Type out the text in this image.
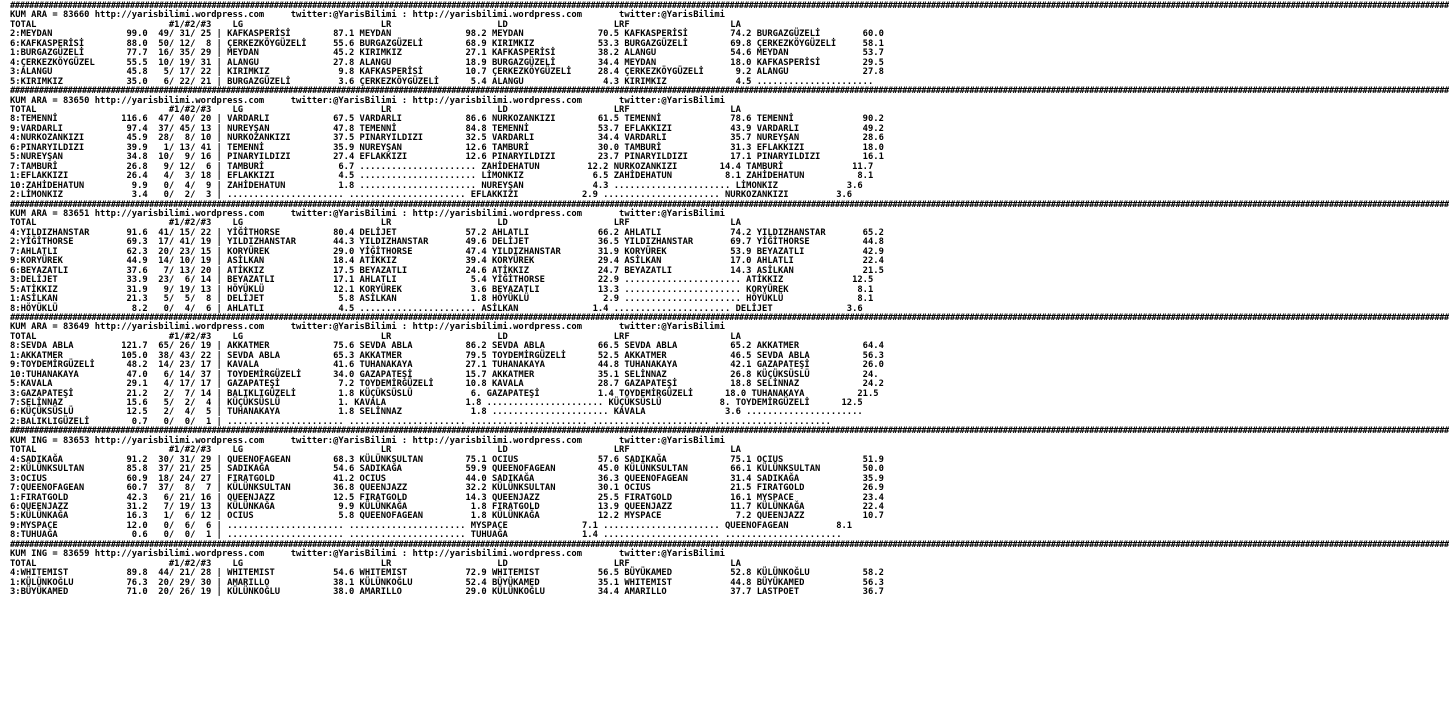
############################################################################################################################################################################################################################################################################################################
KUM ARA = 83660 http://yarisbilimi.wordpress.com     twitter:@YarisBilimi : http://yarisbilimi.wordpress.com       twitter:@YarisBilimi
TOTAL                         #1/#2/#3    LG                          LR                    LD                    LRF                   LA
2:MEYDAN              99.0  49/ 31/ 25 | KAFKASPERİSİ        87.1 MEYDAN              98.2 MEYDAN              70.5 KAFKASPERİSİ        74.2 BURGAZGÜZELİ        60.0
6:KAFKASPERİSİ        88.0  50/ 12/  8 | ÇERKEZKÖYGÜZELİ     55.6 BURGAZGÜZELİ        68.9 KIRIMKIZ            53.3 BURGAZGÜZELİ        69.8 ÇERKEZKÖYGÜZELİ     58.1
1:BURGAZGÜZELİ        77.7  16/ 35/ 29 | MEYDAN              45.2 KIRIMKIZ            27.1 KAFKASPERİSİ        38.2 ALANGU              54.6 MEYDAN              53.7
4:ÇERKEZKÖYGÜZEL      55.5  10/ 19/ 31 | ALANGU              27.8 ALANGU              18.9 BURGAZGÜZELİ        34.4 MEYDAN              18.0 KAFKASPERİSİ        29.5
3:ALANGU              45.8   5/ 17/ 22 | KIRIMKIZ             9.8 KAFKASPERİSİ        10.7 ÇERKEZKÖYGÜZELİ     28.4 ÇERKEZKÖYGÜZELİ      9.2 ALANGU              27.8
5:KIRIMKIZ            35.0   6/ 22/ 21 | BURGAZGÜZELİ         3.6 ÇERKEZKÖYGÜZELİ      5.4 ALANGU               4.3 KIRIMKIZ             4.5 ......................
############################################################################################################################################################################################################################################################################################################
KUM ARA = 83650 http://yarisbilimi.wordpress.com     twitter:@YarisBilimi : http://yarisbilimi.wordpress.com       twitter:@YarisBilimi
TOTAL                         #1/#2/#3    LG                          LR                    LD                    LRF                   LA
8:TEMENNİ            116.6  47/ 40/ 20 | VARDARLI            67.5 VARDARLI            86.6 NURKOZANKIZI        61.5 TEMENNİ             78.6 TEMENNİ             90.2
9:VARDARLI            97.4  37/ 45/ 13 | NUREYŞAN            47.8 TEMENNİ             84.8 TEMENNİ             53.7 EFLAKKIZI           43.9 VARDARLI            49.2
4:NURKOZANKIZI        45.9  28/  8/ 10 | NURKOZANKIZI        37.5 PINARYILDIZI        32.5 VARDARLI            34.4 VARDARLI            35.7 NUREYŞAN            28.6
6:PINARYILDIZI        39.9   1/ 13/ 41 | TEMENNİ             35.9 NUREYŞAN            12.6 TAMBURİ             30.0 TAMBURİ             31.3 EFLAKKIZI           18.0
5:NUREYŞAN            34.8  10/  9/ 16 | PINARYILDIZI        27.4 EFLAKKIZI           12.6 PINARYILDIZI        23.7 PINARYILDIZI        17.1 PINARYILDIZI        16.1
7:TAMBURİ             26.8   9/ 12/  6 | TAMBURİ              6.7 ...................... ZAHİDEHATUN         12.2 NURKOZANKIZI        14.4 TAMBURİ             11.7
1:EFLAKKIZI           26.4   4/  3/ 18 | EFLAKKIZI            4.5 ...................... LİMONKIZ             6.5 ZAHİDEHATUN          8.1 ZAHİDEHATUN          8.1
10:ZAHİDEHATUN         9.9   0/  4/  9 | ZAHİDEHATUN          1.8 ...................... NUREYŞAN             4.3 ...................... LİMONKIZ             3.6
2:LİMONKIZ             3.4   0/  2/  3 | ...................... ...................... EFLAKKIZI            2.9 ...................... NURKOZANKIZI         3.6
############################################################################################################################################################################################################################################################################################################
KUM ARA = 83651 http://yarisbilimi.wordpress.com     twitter:@YarisBilimi : http://yarisbilimi.wordpress.com       twitter:@YarisBilimi
TOTAL                         #1/#2/#3    LG                          LR                    LD                    LRF                   LA
4:YILDIZHANSTAR       91.6  41/ 15/ 22 | YİĞİTHORSE          80.4 DELİJET             57.2 AHLATLI             66.2 AHLATLI             74.2 YILDIZHANSTAR       65.2
2:YİĞİTHORSE          69.3  17/ 41/ 19 | YILDIZHANSTAR       44.3 YILDIZHANSTAR       49.6 DELİJET             36.5 YILDIZHANSTAR       69.7 YİĞİTHORSE          44.8
7:AHLATLI             62.3  20/ 23/ 15 | KORYÜREK            29.0 YİĞİTHORSE          47.4 YILDIZHANSTAR       31.9 KORYÜREK            53.9 BEYAZATLI           42.9
9:KORYÜREK            44.9  14/ 10/ 19 | ASİLKAN             18.4 ATİKKIZ             39.4 KORYÜREK            29.4 ASİLKAN             17.0 AHLATLI             22.4
6:BEYAZATLI           37.6   7/ 13/ 20 | ATİKKIZ             17.5 BEYAZATLI           24.6 ATİKKIZ             24.7 BEYAZATLI           14.3 ASİLKAN             21.5
3:DELİJET             33.9  23/  6/ 14 | BEYAZATLI           17.1 AHLATLI              5.4 YİĞİTHORSE          22.9 ...................... ATİKKIZ             12.5
5:ATİKKIZ             31.9   9/ 19/ 13 | HÖYÜKLÜ             12.1 KORYÜREK             3.6 BEYAZATLI           13.3 ...................... KORYÜREK             8.1
1:ASİLKAN             21.3   5/  5/  8 | DELİJET              5.8 ASİLKAN              1.8 HÖYÜKLÜ              2.9 ...................... HÖYÜKLÜ              8.1
8:HÖYÜKLÜ              8.2   0/  4/  6 | AHLATLI              4.5 ...................... ASİLKAN              1.4 ...................... DELİJET              3.6
############################################################################################################################################################################################################################################################################################################
KUM ARA = 83649 http://yarisbilimi.wordpress.com     twitter:@YarisBilimi : http://yarisbilimi.wordpress.com       twitter:@YarisBilimi
TOTAL                         #1/#2/#3    LG                          LR                    LD                    LRF                   LA
8:SEVDA ABLA         121.7  65/ 26/ 19 | AKKATMER            75.6 SEVDA ABLA          86.2 SEVDA ABLA          66.5 SEVDA ABLA          65.2 AKKATMER            64.4
1:AKKATMER           105.0  38/ 43/ 22 | SEVDA ABLA          65.3 AKKATMER            79.5 TOYDEMİRGÜZELİ      52.5 AKKATMER            46.5 SEVDA ABLA          56.3
9:TOYDEMİRGÜZELİ      48.2  14/ 23/ 17 | KAVALA              41.6 TUHANAKAYA          27.1 TUHANAKAYA          44.8 TUHANAKAYA          42.1 GAZAPATEŞİ          26.0
10:TUHANAKAYA         47.0   6/ 14/ 37 | TOYDEMİRGÜZELİ      34.0 GAZAPATEŞİ          15.7 AKKATMER            35.1 SELİNNAZ            26.8 KÜÇÜKSÜSLÜ          24.
5:KAVALA              29.1   4/ 17/ 17 | GAZAPATEŞİ           7.2 TOYDEMİRGÜZELİ      10.8 KAVALA              28.7 GAZAPATEŞİ          18.8 SELİNNAZ            24.2
3:GAZAPATEŞİ          21.2   2/  7/ 14 | BALIKLIGÜZELİ        1.8 KÜÇÜKSÜSLÜ           6. GAZAPATEŞİ           1.4 TOYDEMİRGÜZELİ      18.0 TUHANAKAYA          21.5
7:SELİNNAZ            15.6   5/  2/  4 | KÜÇÜKSÜSLÜ           1. KAVALA               1.8 ...................... KÜÇÜKSÜSLÜ           8. TOYDEMİRGÜZELİ      12.5
6:KÜÇÜKSÜSLÜ          12.5   2/  4/  5 | TUHANAKAYA           1.8 SELİNNAZ             1.8 ...................... KAVALA               3.6 ......................
2:BALIKLIGÜZELİ        0.7   0/  0/  1 | ...................... ...................... ...................... ...................... ......................
############################################################################################################################################################################################################################################################################################################
KUM ING = 83653 http://yarisbilimi.wordpress.com     twitter:@YarisBilimi : http://yarisbilimi.wordpress.com       twitter:@YarisBilimi
TOTAL                         #1/#2/#3    LG                          LR                    LD                    LRF                   LA
4:SADIKAĞA            91.2  30/ 31/ 29 | QUEENOFAGEAN        68.3 KÜLÜNKSULTAN        75.1 OCIUS               57.6 SADIKAĞA            75.1 OCIUS               51.9
2:KÜLÜNKSULTAN        85.8  37/ 21/ 25 | SADIKAĞA            54.6 SADIKAĞA            59.9 QUEENOFAGEAN        45.0 KÜLÜNKSULTAN        66.1 KÜLÜNKSULTAN        50.0
3:OCIUS               60.9  18/ 24/ 27 | FIRATGOLD           41.2 OCIUS               44.0 SADIKAĞA            36.3 QUEENOFAGEAN        31.4 SADIKAĞA            35.9
7:QUEENOFAGEAN        60.7  37/  8/  7 | KÜLÜNKSULTAN        36.8 QUEENJAZZ           32.2 KÜLÜNKSULTAN        30.1 OCIUS               21.5 FIRATGOLD           26.9
1:FIRATGOLD           42.3   6/ 21/ 16 | QUEENJAZZ           12.5 FIRATGOLD           14.3 QUEENJAZZ           25.5 FIRATGOLD           16.1 MYSPACE             23.4
6:QUEENJAZZ           31.2   7/ 19/ 13 | KÜLÜNKAĞA            9.9 KÜLÜNKAĞA            1.8 FIRATGOLD           13.9 QUEENJAZZ           11.7 KÜLÜNKAĞA           22.4
5:KÜLÜNKAĞA           16.3   1/  6/ 12 | OCIUS                5.8 QUEENOFAGEAN         1.8 KÜLÜNKAĞA           12.2 MYSPACE              7.2 QUEENJAZZ           10.7
9:MYSPACE             12.0   0/  6/  6 | ...................... ...................... MYSPACE              7.1 ...................... QUEENOFAGEAN         8.1
8:TUHUAĞA              0.6   0/  0/  1 | ...................... ...................... TUHUAĞA              1.4 ...................... ......................
############################################################################################################################################################################################################################################################################################################
KUM ING = 83659 http://yarisbilimi.wordpress.com     twitter:@YarisBilimi : http://yarisbilimi.wordpress.com       twitter:@YarisBilimi
TOTAL                         #1/#2/#3    LG                          LR                    LD                    LRF                   LA
4:WHITEMIST           89.8  44/ 21/ 28 | WHITEMIST           54.6 WHITEMIST           72.9 WHITEMIST           56.5 BÜYÜKAMED           52.8 KÜLÜNKOĞLU          58.2
1:KÜLÜNKOĞLU          76.3  20/ 29/ 30 | AMARILLO            38.1 KÜLÜNKOĞLU          52.4 BÜYÜKAMED           35.1 WHITEMIST           44.8 BÜYÜKAMED           56.3
3:BÜYÜKAMED           71.0  20/ 26/ 19 | KÜLÜNKOĞLU          38.0 AMARILLO            29.0 KÜLÜNKOĞLU          34.4 AMARILLO            37.7 LASTPOET            36.7
